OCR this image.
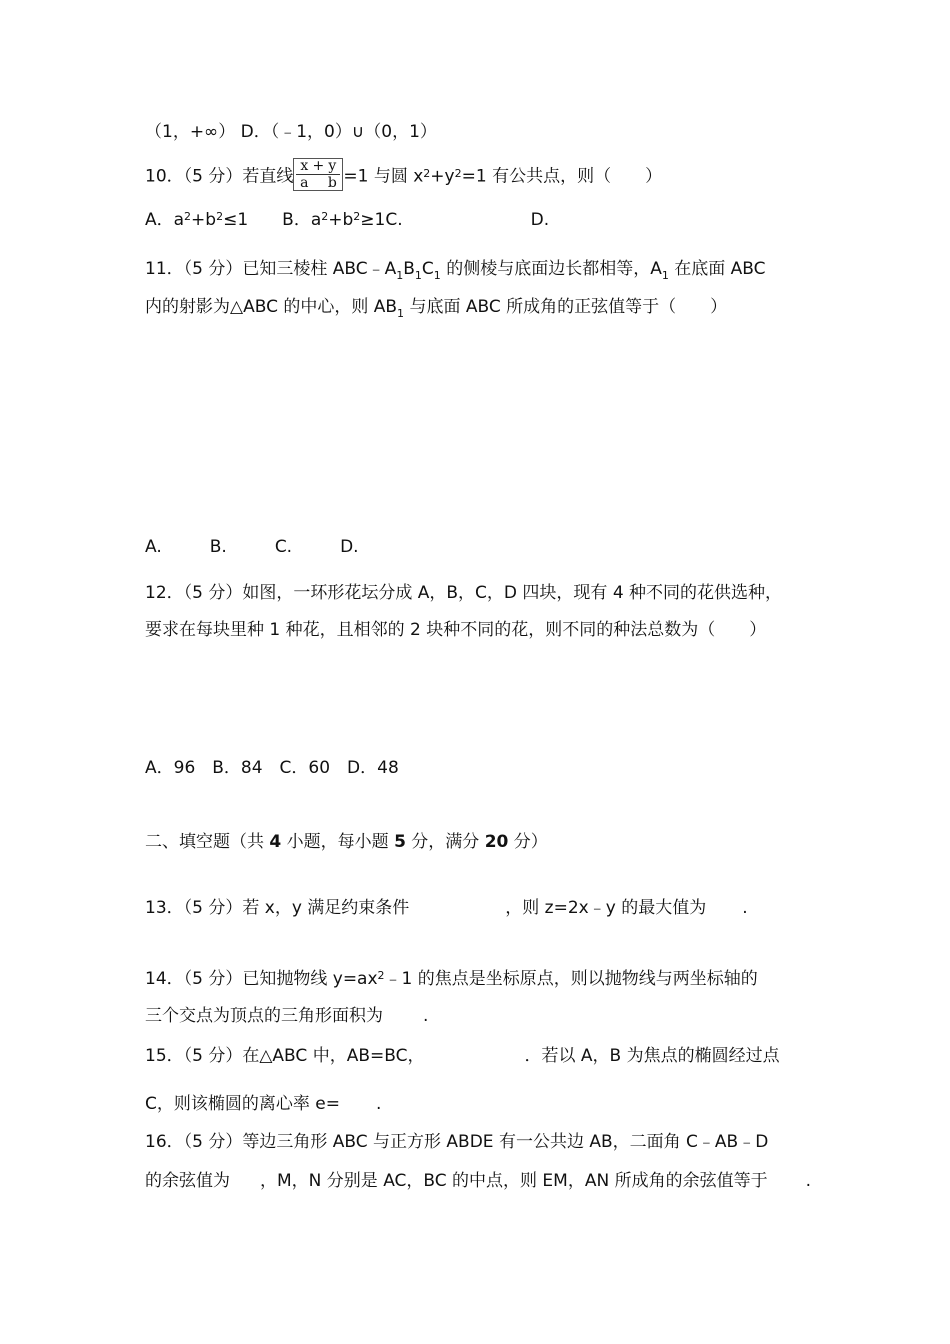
（1，+∞） D．（﹣1，0）∪（0，1）
10．（5 分）若直线x + y
a b =1 与圆 $x^2+y^2=1$ 有公共点，则（　　）
A．$a^2+b^2\le 1$ B．$a^2+b^2\ge 1C$.	D.
11．（5 分）已知三棱柱 $ABC﹣A_1B_1C_1$ 的侧棱与底面边长都相等，$A_1$ 在底面 ABC
内的射影为△ABC 的中心，则 $AB_1$ 与底面 ABC 所成角的正弦值等于（　　）
A.	B.	C.	D.
12．（5 分）如图，一环形花坛分成 A，B，C，D 四块，现有 4 种不同的花供选种，
要求在每块里种 1 种花，且相邻的 2 块种不同的花，则不同的种法总数为（　　）
A．96　B．84　C．60　D．48
二、填空题（共 4 小题，每小题 5 分，满分 20 分）
13．（5 分）若 x，y 满足约束条件	，则 z=2x﹣y 的最大值为 .
14．（5 分）已知抛物线 $y=ax^2﹣1$ 的焦点是坐标原点，则以抛物线与两坐标轴的
三个交点为顶点的三角形面积为 .
15．（5 分）在△ABC 中，AB=BC，	．若以 A，B 为焦点的椭圆经过点
C，则该椭圆的离心率 e= .
16．（5 分）等边三角形 ABC 与正方形 ABDE 有一公共边 AB，二面角 C﹣AB﹣D
的余弦值为 ，M，N 分别是 AC，BC 的中点，则 EM，AN 所成角的余弦值等于 .
